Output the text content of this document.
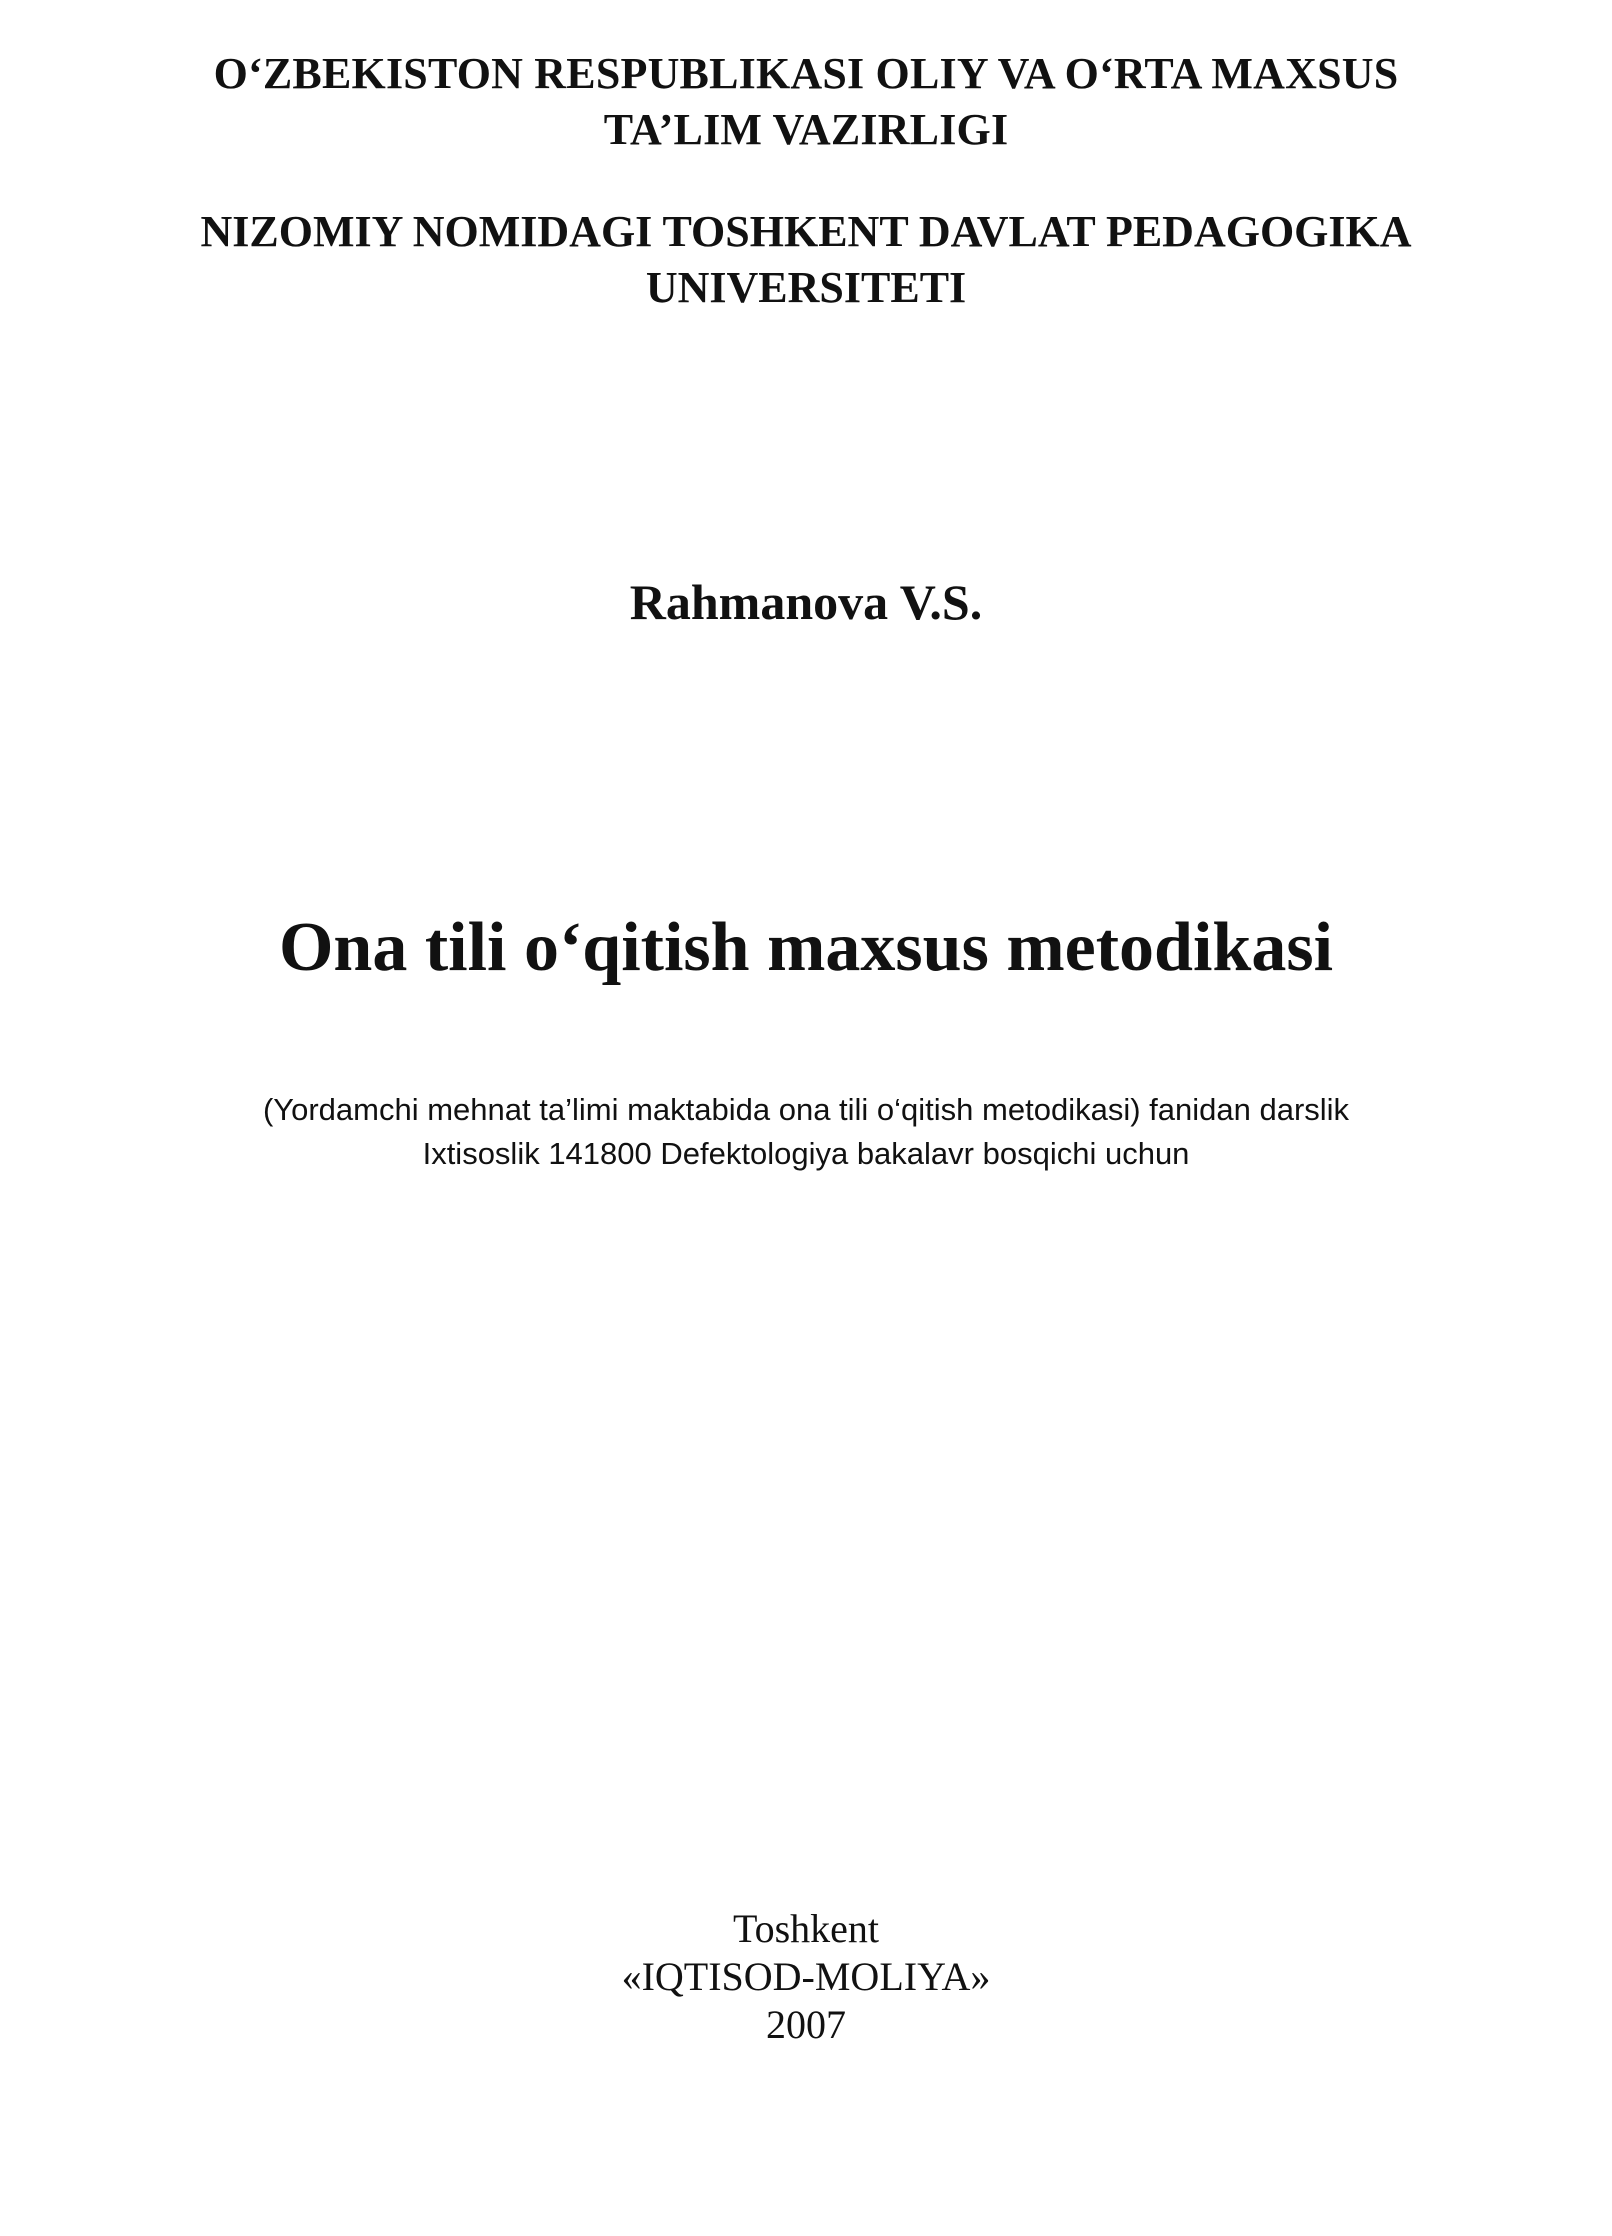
O‘ZBEKISTON RESPUBLIKASI OLIY VA O‘RTA MAXSUS
TA’LIM VAZIRLIGI
NIZOMIY NOMIDAGI TOSHKENT DAVLAT PEDAGOGIKA
UNIVERSITETI
Rahmanova V.S.
Ona tili o‘qitish maxsus metodikasi
(Yordamchi mehnat ta’limi maktabida ona tili o‘qitish metodikasi) fanidan darslik
Ixtisoslik 141800 Defektologiya bakalavr bosqichi uchun
Toshkent
«IQTISOD-MOLIYA»
2007
